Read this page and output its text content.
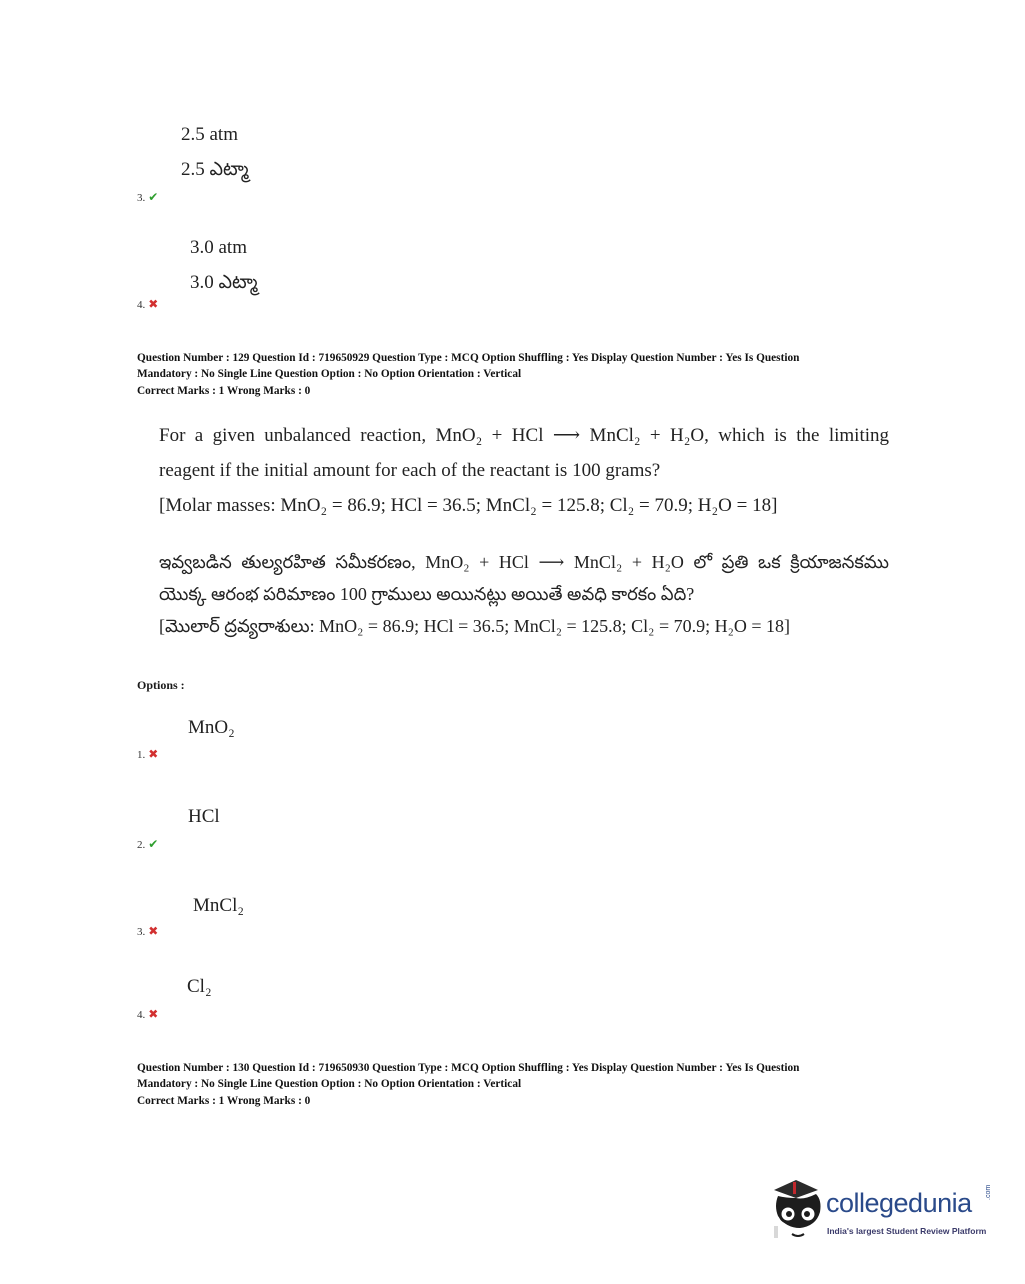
2.5 atm
2.5 ఎట్మా
3. ✔
3.0 atm
3.0 ఎట్మా
4. ✖
Question Number : 129 Question Id : 719650929 Question Type : MCQ Option Shuffling : Yes Display Question Number : Yes Is Question
Mandatory : No Single Line Question Option : No Option Orientation : Vertical
Correct Marks : 1 Wrong Marks : 0
For a given unbalanced reaction, MnO₂ + HCl ⟶ MnCl₂ + H₂O, which is the limiting
reagent if the initial amount for each of the reactant is 100 grams?
[Molar masses: MnO₂ = 86.9; HCl = 36.5; MnCl₂ = 125.8; Cl₂ = 70.9; H₂O = 18]
ఇవ్వబడిన తుల్యరహిత సమీకరణం, MnO₂ + HCl ⟶ MnCl₂ + H₂O లో ప్రతి ఒక క్రియాజనకము
యొక్క ఆరంభ పరిమాణం 100 గ్రాములు అయినట్లు అయితే అవధి కారకం ఏది?
[మొలార్ ద్రవ్యరాశులు: MnO₂ = 86.9; HCl = 36.5; MnCl₂ = 125.8; Cl₂ = 70.9; H₂O = 18]
Options :
MnO₂
1. ✖
HCl
2. ✔
MnCl₂
3. ✖
Cl₂
4. ✖
Question Number : 130 Question Id : 719650930 Question Type : MCQ Option Shuffling : Yes Display Question Number : Yes Is Question
Mandatory : No Single Line Question Option : No Option Orientation : Vertical
Correct Marks : 1 Wrong Marks : 0
collegedunia .com
India's largest Student Review Platform
